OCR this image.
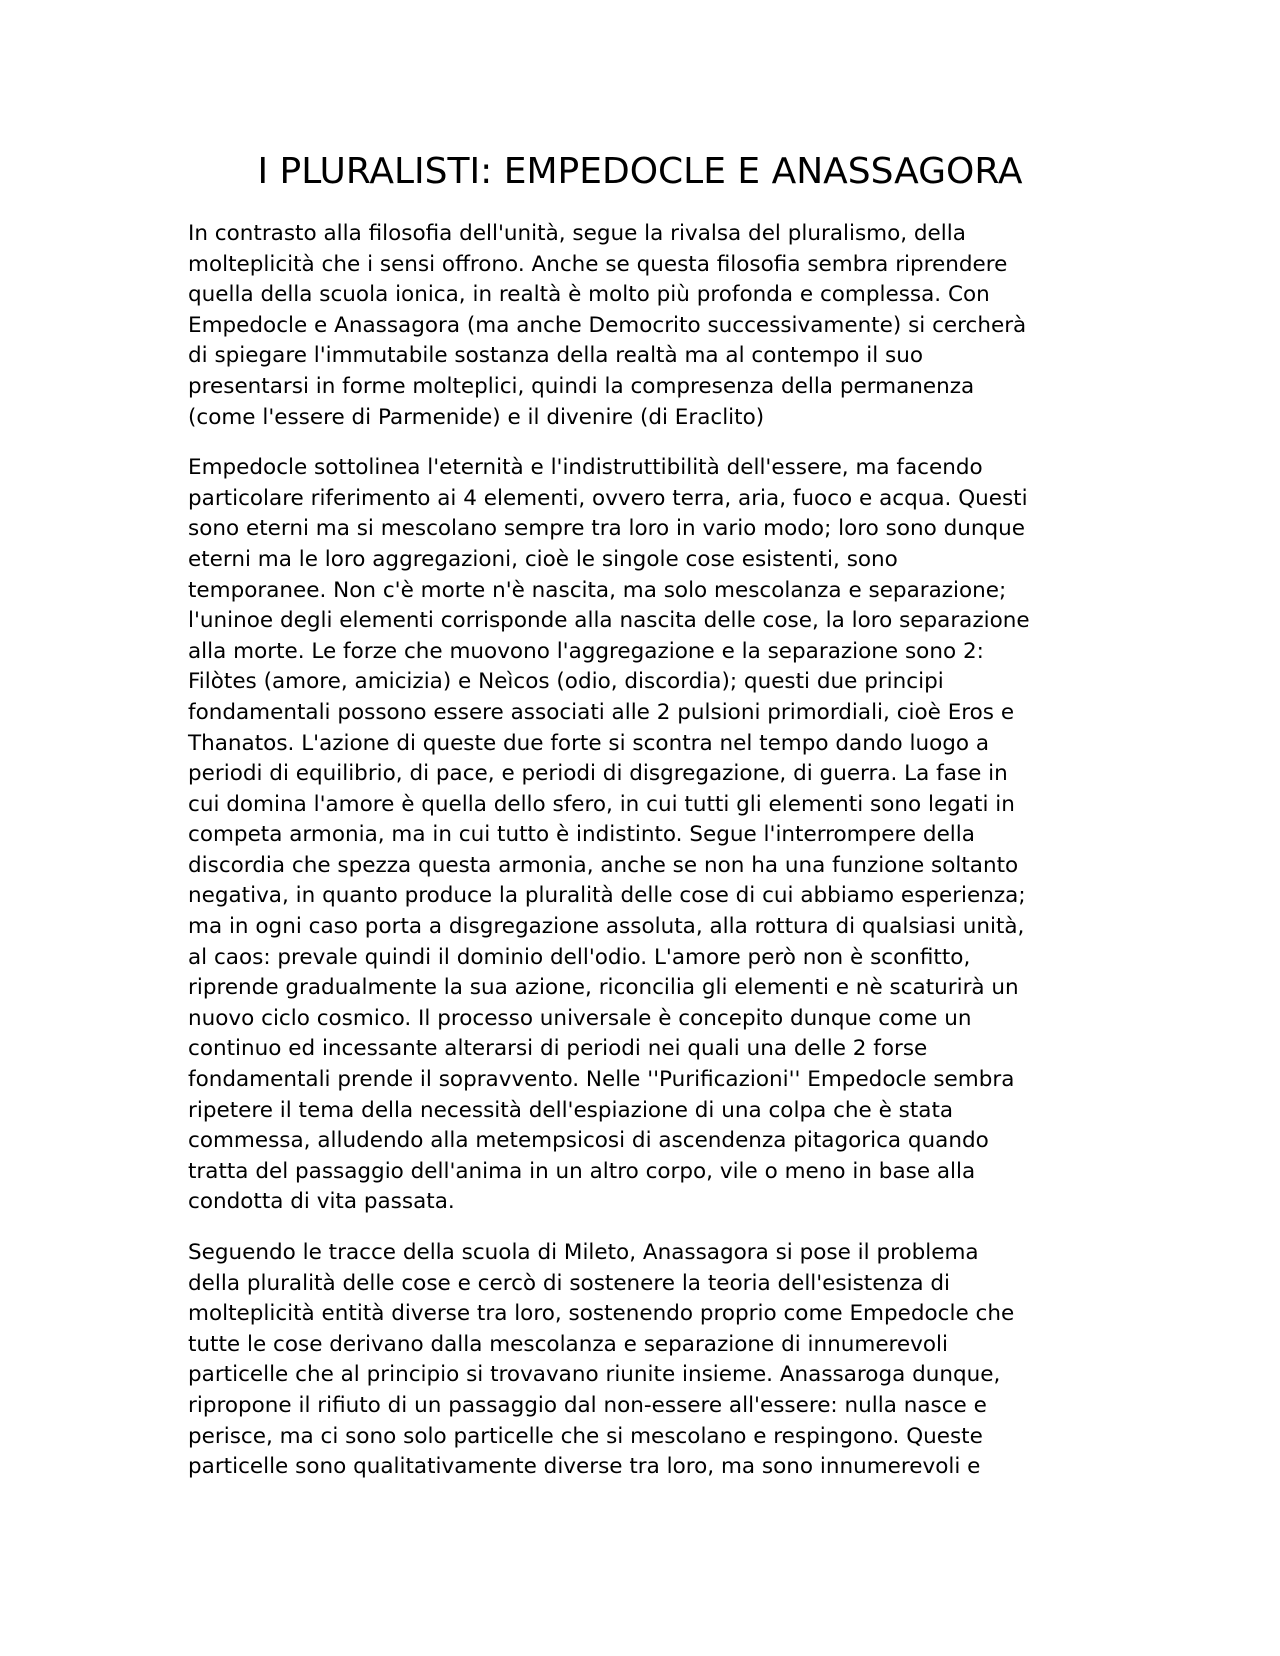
I PLURALISTI: EMPEDOCLE E ANASSAGORA
In contrasto alla filosofia dell'unità, segue la rivalsa del pluralismo, della
molteplicità che i sensi offrono. Anche se questa filosofia sembra riprendere
quella della scuola ionica, in realtà è molto più profonda e complessa. Con
Empedocle e Anassagora (ma anche Democrito successivamente) si cercherà
di spiegare l'immutabile sostanza della realtà ma al contempo il suo
presentarsi in forme molteplici, quindi la compresenza della permanenza
(come l'essere di Parmenide) e il divenire (di Eraclito)
Empedocle sottolinea l'eternità e l'indistruttibilità dell'essere, ma facendo
particolare riferimento ai 4 elementi, ovvero terra, aria, fuoco e acqua. Questi
sono eterni ma si mescolano sempre tra loro in vario modo; loro sono dunque
eterni ma le loro aggregazioni, cioè le singole cose esistenti, sono
temporanee. Non c'è morte n'è nascita, ma solo mescolanza e separazione;
l'uninoe degli elementi corrisponde alla nascita delle cose, la loro separazione
alla morte. Le forze che muovono l'aggregazione e la separazione sono 2:
Filòtes (amore, amicizia) e Neìcos (odio, discordia); questi due principi
fondamentali possono essere associati alle 2 pulsioni primordiali, cioè Eros e
Thanatos. L'azione di queste due forte si scontra nel tempo dando luogo a
periodi di equilibrio, di pace, e periodi di disgregazione, di guerra. La fase in
cui domina l'amore è quella dello sfero, in cui tutti gli elementi sono legati in
competa armonia, ma in cui tutto è indistinto. Segue l'interrompere della
discordia che spezza questa armonia, anche se non ha una funzione soltanto
negativa, in quanto produce la pluralità delle cose di cui abbiamo esperienza;
ma in ogni caso porta a disgregazione assoluta, alla rottura di qualsiasi unità,
al caos: prevale quindi il dominio dell'odio. L'amore però non è sconfitto,
riprende gradualmente la sua azione, riconcilia gli elementi e nè scaturirà un
nuovo ciclo cosmico. Il processo universale è concepito dunque come un
continuo ed incessante alterarsi di periodi nei quali una delle 2 forse
fondamentali prende il sopravvento. Nelle ''Purificazioni'' Empedocle sembra
ripetere il tema della necessità dell'espiazione di una colpa che è stata
commessa, alludendo alla metempsicosi di ascendenza pitagorica quando
tratta del passaggio dell'anima in un altro corpo, vile o meno in base alla
condotta di vita passata.
Seguendo le tracce della scuola di Mileto, Anassagora si pose il problema
della pluralità delle cose e cercò di sostenere la teoria dell'esistenza di
molteplicità entità diverse tra loro, sostenendo proprio come Empedocle che
tutte le cose derivano dalla mescolanza e separazione di innumerevoli
particelle che al principio si trovavano riunite insieme. Anassaroga dunque,
ripropone il rifiuto di un passaggio dal non-essere all'essere: nulla nasce e
perisce, ma ci sono solo particelle che si mescolano e respingono. Queste
particelle sono qualitativamente diverse tra loro, ma sono innumerevoli e
